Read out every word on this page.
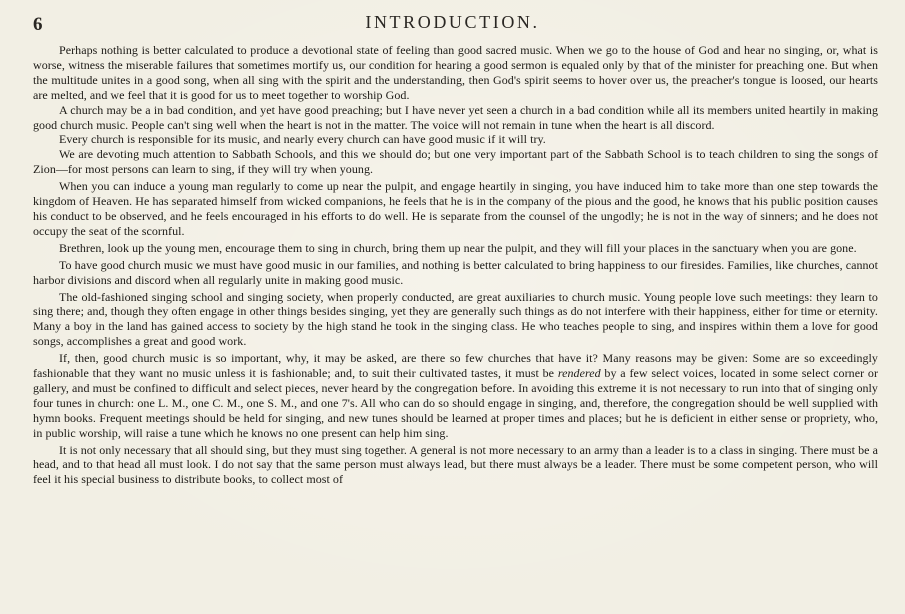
6	INTRODUCTION.

Perhaps nothing is better calculated to produce a devotional state of feeling than good sacred music. When we go to the house of God and hear no singing, or, what is worse, witness the miserable failures that sometimes mortify us, our condition for hearing a good sermon is equaled only by that of the minister for preaching one. But when the multitude unites in a good song, when all sing with the spirit and the understanding, then God's spirit seems to hover over us, the preacher's tongue is loosed, our hearts are melted, and we feel that it is good for us to meet together to worship God.

A church may be a in bad condition, and yet have good preaching; but I have never yet seen a church in a bad condition while all its members united heartily in making good church music. People can't sing well when the heart is not in the matter. The voice will not remain in tune when the heart is all discord.

Every church is responsible for its music, and nearly every church can have good music if it will try.

We are devoting much attention to Sabbath Schools, and this we should do; but one very important part of the Sabbath School is to teach children to sing the songs of Zion—for most persons can learn to sing, if they will try when young.

When you can induce a young man regularly to come up near the pulpit, and engage heartily in singing, you have induced him to take more than one step towards the kingdom of Heaven. He has separated himself from wicked companions, he feels that he is in the company of the pious and the good, he knows that his public position causes his conduct to be observed, and he feels encouraged in his efforts to do well. He is separate from the counsel of the ungodly; he is not in the way of sinners; and he does not occupy the seat of the scornful.

Brethren, look up the young men, encourage them to sing in church, bring them up near the pulpit, and they will fill your places in the sanctuary when you are gone.

To have good church music we must have good music in our families, and nothing is better calculated to bring happiness to our firesides. Families, like churches, cannot harbor divisions and discord when all regularly unite in making good music.

The old-fashioned singing school and singing society, when properly conducted, are great auxiliaries to church music. Young people love such meetings: they learn to sing there; and, though they often engage in other things besides singing, yet they are generally such things as do not interfere with their happiness, either for time or eternity. Many a boy in the land has gained access to society by the high stand he took in the singing class. He who teaches people to sing, and inspires within them a love for good songs, accomplishes a great and good work.

If, then, good church music is so important, why, it may be asked, are there so few churches that have it? Many reasons may be given: Some are so exceedingly fashionable that they want no music unless it is fashionable; and, to suit their cultivated tastes, it must be rendered by a few select voices, located in some select corner or gallery, and must be confined to difficult and select pieces, never heard by the congregation before. In avoiding this extreme it is not necessary to run into that of singing only four tunes in church: one L. M., one C. M., one S. M., and one 7's. All who can do so should engage in singing, and, therefore, the congregation should be well supplied with hymn books. Frequent meetings should be held for singing, and new tunes should be learned at proper times and places; but he is deficient in either sense or propriety, who, in public worship, will raise a tune which he knows no one present can help him sing.

It is not only necessary that all should sing, but they must sing together. A general is not more necessary to an army than a leader is to a class in singing. There must be a head, and to that head all must look. I do not say that the same person must always lead, but there must always be a leader. There must be some competent person, who will feel it his special business to distribute books, to collect most of
